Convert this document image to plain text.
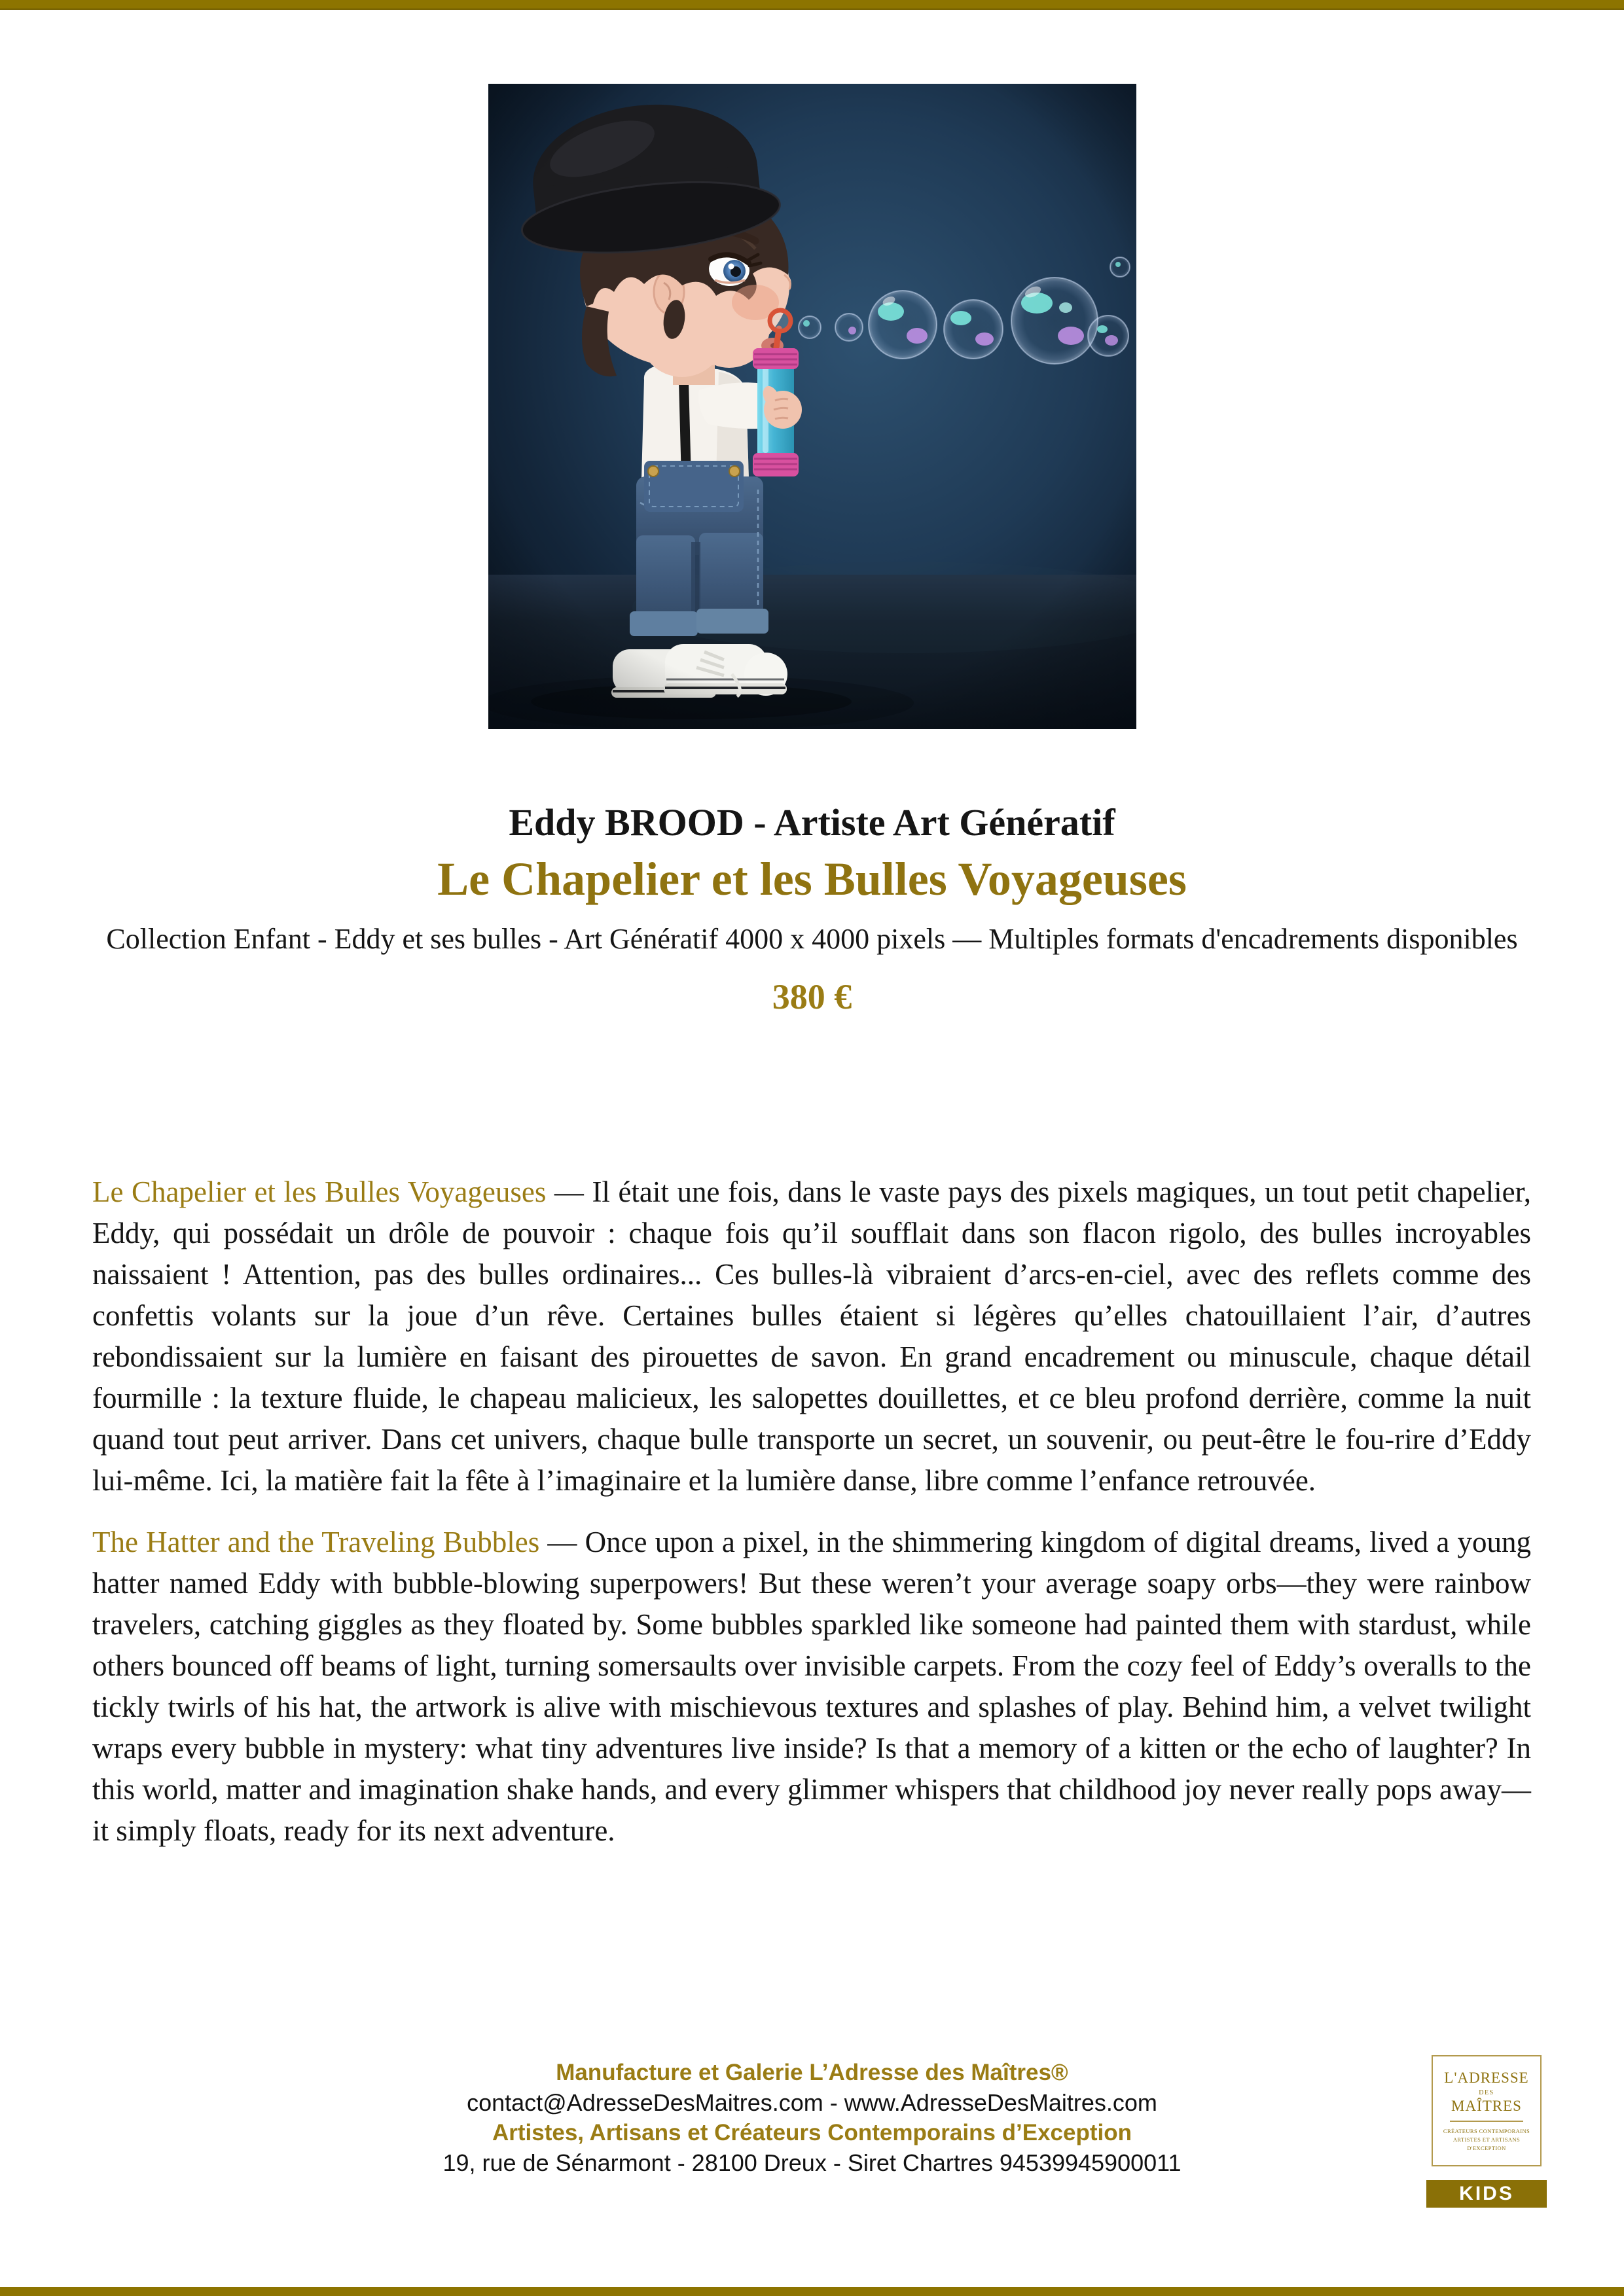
Eddy BROOD - Artiste Art Génératif
Le Chapelier et les Bulles Voyageuses
Collection Enfant - Eddy et ses bulles - Art Génératif 4000 x 4000 pixels — Multiples formats d'encadrements disponibles
380 €

Le Chapelier et les Bulles Voyageuses — Il était une fois, dans le vaste pays des pixels magiques, un tout petit chapelier, Eddy, qui possédait un drôle de pouvoir : chaque fois qu’il soufflait dans son flacon rigolo, des bulles incroyables naissaient ! Attention, pas des bulles ordinaires... Ces bulles-là vibraient d’arcs-en-ciel, avec des reflets comme des confettis volants sur la joue d’un rêve. Certaines bulles étaient si légères qu’elles chatouillaient l’air, d’autres rebondissaient sur la lumière en faisant des pirouettes de savon. En grand encadrement ou minuscule, chaque détail fourmille : la texture fluide, le chapeau malicieux, les salopettes douillettes, et ce bleu profond derrière, comme la nuit quand tout peut arriver. Dans cet univers, chaque bulle transporte un secret, un souvenir, ou peut-être le fou-rire d’Eddy lui-même. Ici, la matière fait la fête à l’imaginaire et la lumière danse, libre comme l’enfance retrouvée.

The Hatter and the Traveling Bubbles — Once upon a pixel, in the shimmering kingdom of digital dreams, lived a young hatter named Eddy with bubble-blowing superpowers! But these weren’t your average soapy orbs—they were rainbow travelers, catching giggles as they floated by. Some bubbles sparkled like someone had painted them with stardust, while others bounced off beams of light, turning somersaults over invisible carpets. From the cozy feel of Eddy’s overalls to the tickly twirls of his hat, the artwork is alive with mischievous textures and splashes of play. Behind him, a velvet twilight wraps every bubble in mystery: what tiny adventures live inside? Is that a memory of a kitten or the echo of laughter? In this world, matter and imagination shake hands, and every glimmer whispers that childhood joy never really pops away—it simply floats, ready for its next adventure.

Manufacture et Galerie L’Adresse des Maîtres®
contact@AdresseDesMaitres.com - www.AdresseDesMaitres.com
Artistes, Artisans et Créateurs Contemporains d’Exception
19, rue de Sénarmont - 28100 Dreux - Siret Chartres 94539945900011
L'ADRESSE
DES
MAÎTRES
CRÉATEURS CONTEMPORAINS
ARTISTES ET ARTISANS
D'EXCEPTION
KIDS
